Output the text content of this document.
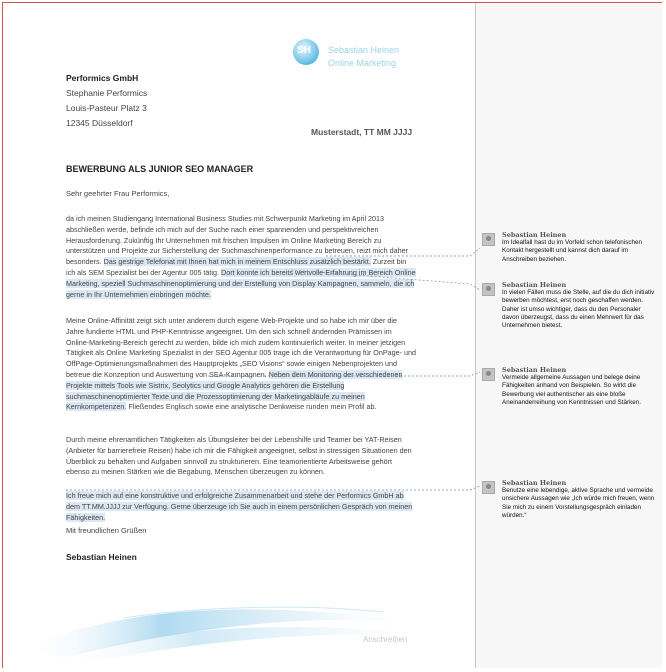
SH Sebastian Heinen
Online Marketing
Performics GmbH
Stephanie Performics
Louis-Pasteur Platz 3
12345 Düsseldorf
Musterstadt, TT MM JJJJ
BEWERBUNG ALS JUNIOR SEO MANAGER
Sehr geehrter Frau Performics,
da ich meinen Studiengang International Business Studies mit Schwerpunkt Marketing im April 2013 abschließen werde, befinde ich mich auf der Suche nach einer spannenden und perspektivreichen Herausforderung. Zukünftig Ihr Unternehmen mit frischen Impulsen im Online Marketing Bereich zu unterstützen und Projekte zur Sicherstellung der Suchmaschinenperformance zu betreuen, reizt mich daher besonders. Das gestrige Telefonat mit Ihnen hat mich in meinem Entschluss zusätzlich bestärkt. Zurzeit bin ich als SEM Spezialist bei der Agentur 005 tätig. Dort konnte ich bereits wertvolle Erfahrung im Bereich Online Marketing, speziell Suchmaschinenoptimierung und der Erstellung von Display Kampagnen, sammeln, die ich gerne in Ihr Unternehmen einbringen möchte.
Meine Online-Affinität zeigt sich unter anderem durch eigene Web-Projekte und so habe ich mir über die Jahre fundierte HTML und PHP-Kenntnisse angeeignet. Um den sich schnell ändernden Prämissen im Online-Marketing-Bereich gerecht zu werden, bilde ich mich zudem kontinuierlich weiter. In meiner jetzigen Tätigkeit als Online Marketing Spezialist in der SEO Agentur 005 trage ich die Verantwortung für OnPage- und OffPage-Optimierungsmaßnahmen des Hauptprojekts „SEO Visions“ sowie einigen Nebenprojekten und betreue die Konzeption und Auswertung von SEA-Kampagnen. Neben dem Monitoring der verschiedenen Projekte mittels Tools wie Sistrix, Seolytics und Google Analytics gehören die Erstellung suchmaschinenoptimierter Texte und die Prozessoptimierung der Marketingabläufe zu meinen Kernkompetenzen. Fließendes Englisch sowie eine analytische Denkweise runden mein Profil ab.
Durch meine ehrenamtlichen Tätigkeiten als Übungsleiter bei der Lebenshilfe und Teamer bei YAT-Reisen (Anbieter für barrierefreie Reisen) habe ich mir die Fähigkeit angeeignet, selbst in stressigen Situationen den Überblick zu behalten und Aufgaben sinnvoll zu strukturieren. Eine teamorientierte Arbeitsweise gehört ebenso zu meinen Stärken wie die Begabung, Menschen überzeugen zu können.
Ich freue mich auf eine konstruktive und erfolgreiche Zusammenarbeit und stehe der Performics GmbH ab dem TT.MM.JJJJ zur Verfügung. Gerne überzeuge ich Sie auch in einem persönlichen Gespräch von meinen Fähigkeiten.
Mit freundlichen Grüßen
Sebastian Heinen
Anschreiben
Sebastian Heinen
Im Idealfall hast du im Vorfeld schon telefonischen Kontakt hergestellt und kannst dich darauf im Anschreiben beziehen.
Sebastian Heinen
In vielen Fällen muss die Stelle, auf die du dich initiativ bewerben möchtest, erst noch geschaffen werden. Daher ist umso wichtiger, dass du den Personaler davon überzeugst, dass du einen Mehrwert für das Unternehmen bietest.
Sebastian Heinen
Vermeide allgemeine Aussagen und belege deine Fähigkeiten anhand von Beispielen. So wirkt die Bewerbung viel authentischer als eine bloße Aneinanderreihung von Kenntnissen und Stärken.
Sebastian Heinen
Benutze eine lebendige, aktive Sprache und vermeide unsichere Aussagen wie „Ich würde mich freuen, wenn Sie mich zu einem Vorstellungsgespräch einladen würden.“
